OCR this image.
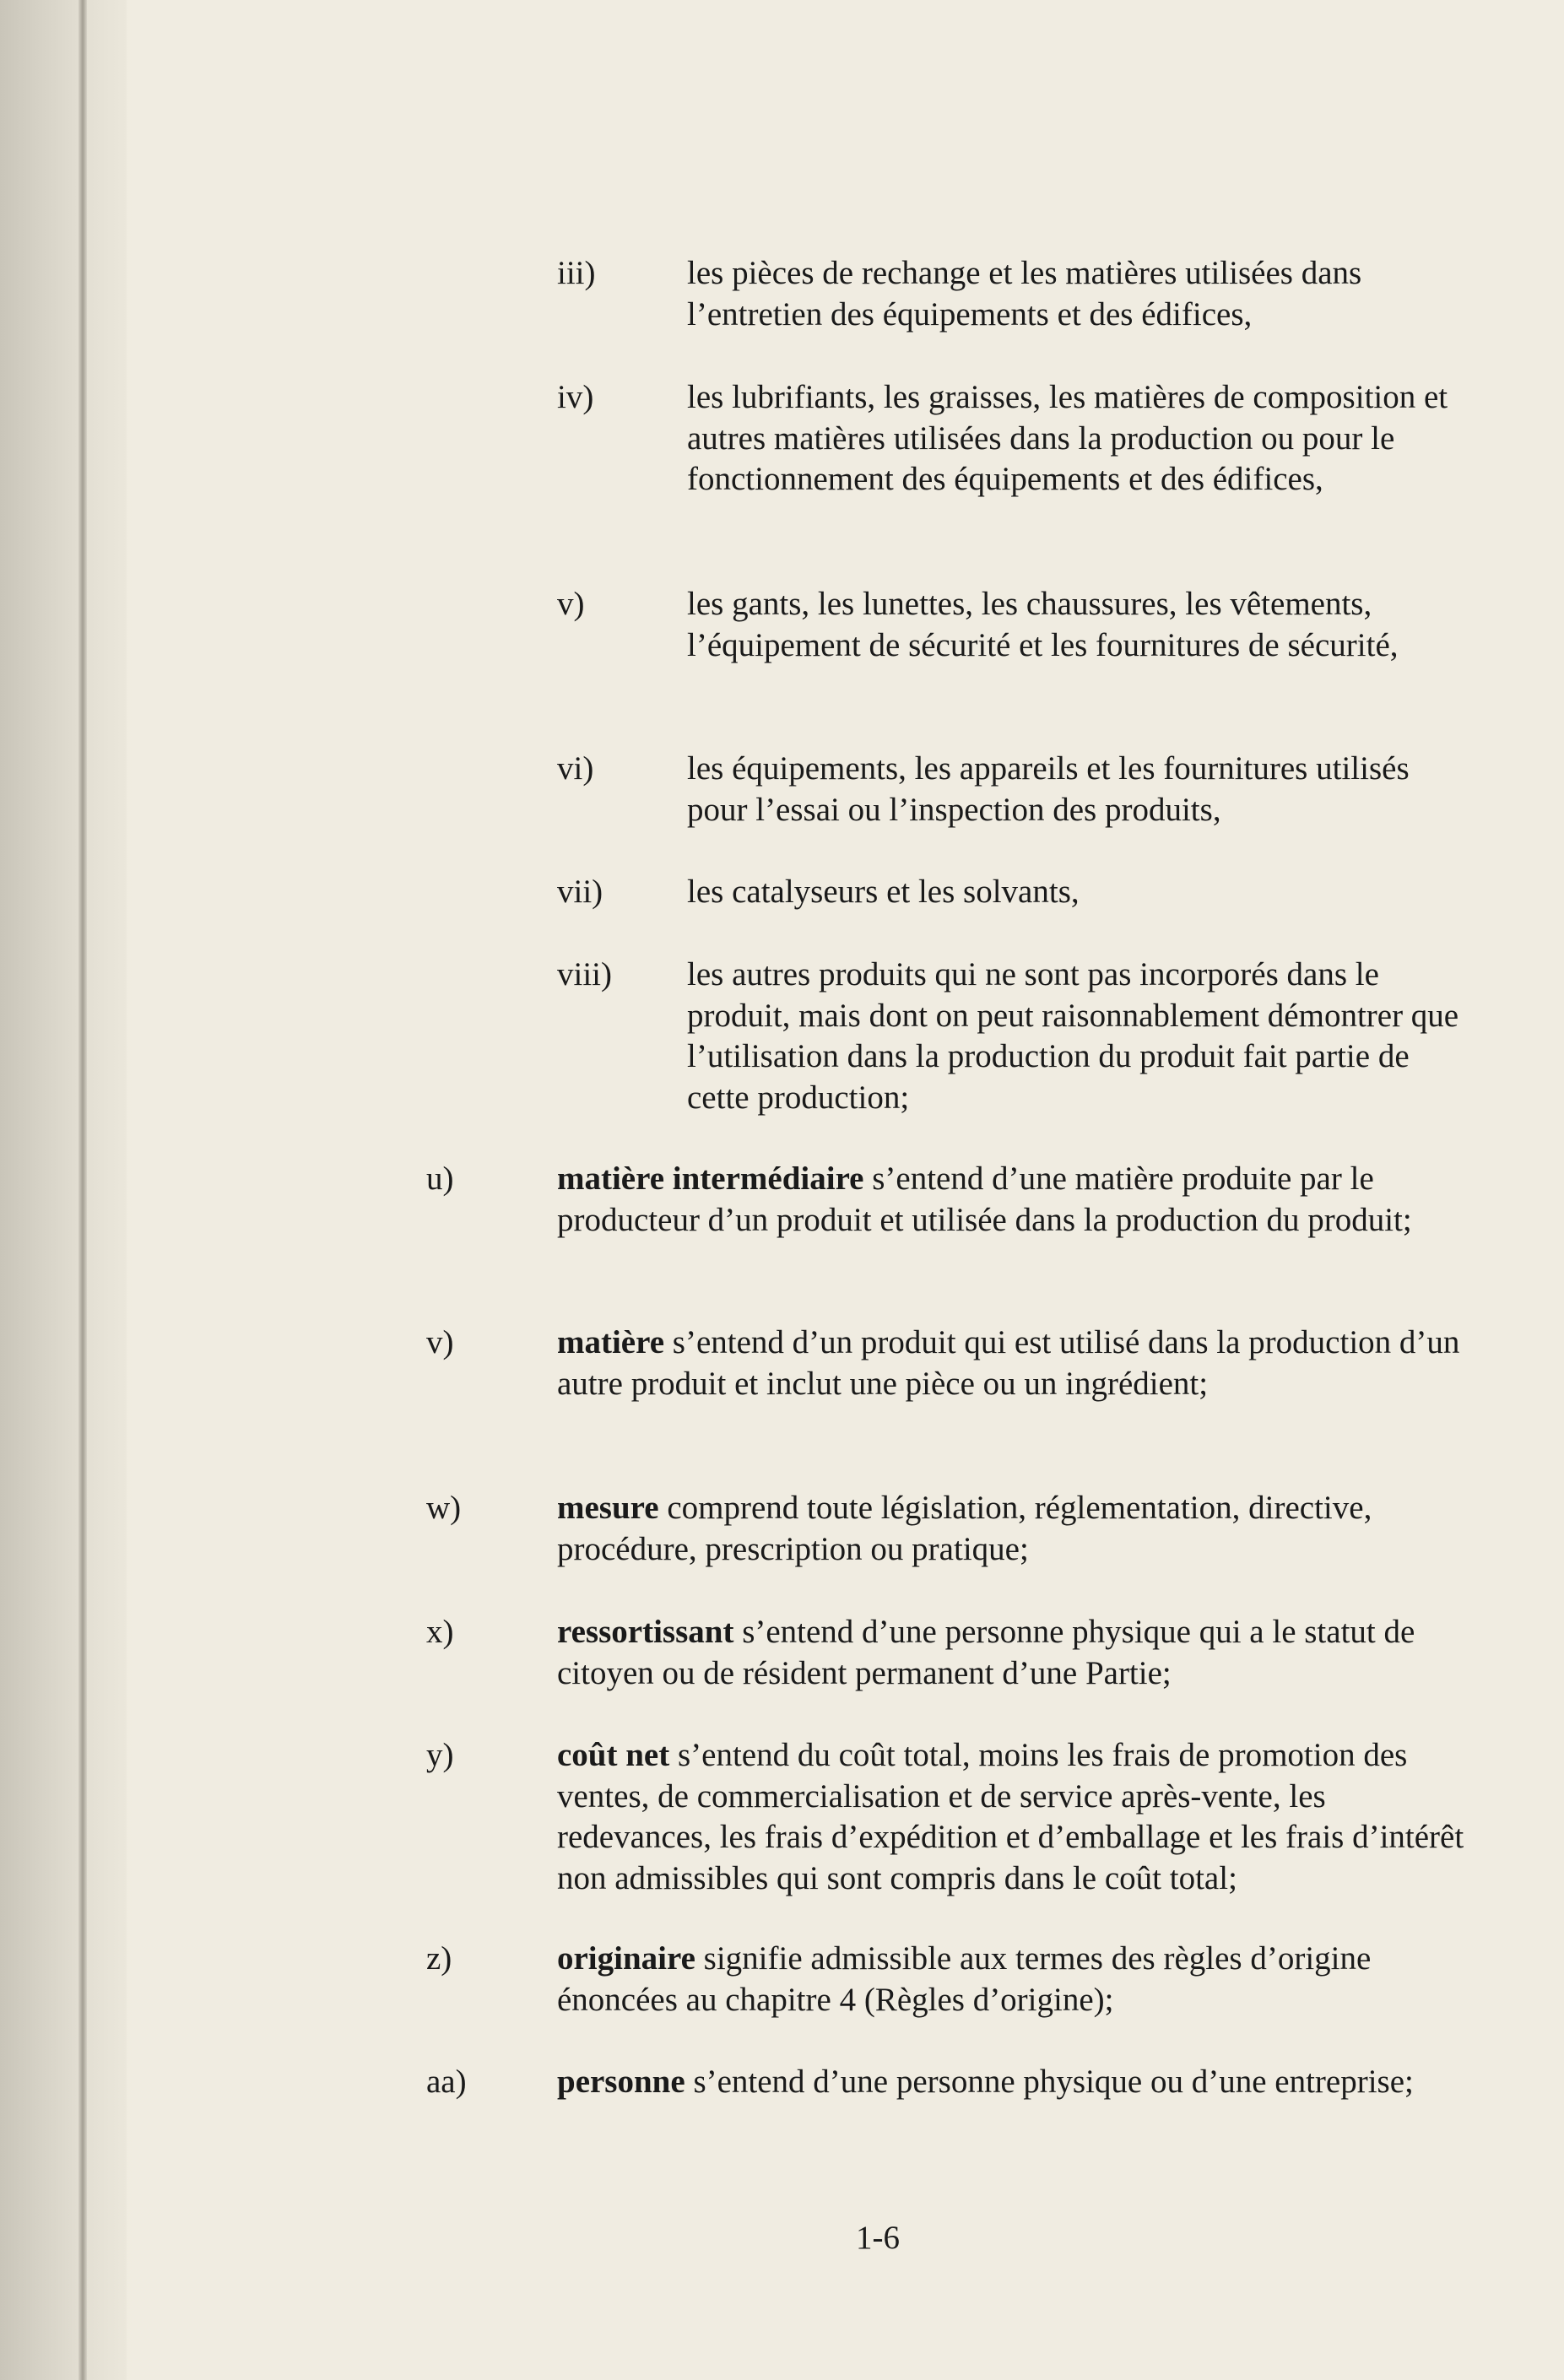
iii)	les pièces de rechange et les matières utilisées dans l’entretien des équipements et des édifices,
iv)	les lubrifiants, les graisses, les matières de composition et autres matières utilisées dans la production ou pour le fonctionnement des équipements et des édifices,
v)	les gants, les lunettes, les chaussures, les vêtements, l’équipement de sécurité et les fournitures de sécurité,
vi)	les équipements, les appareils et les fournitures utilisés pour l’essai ou l’inspection des produits,
vii)	les catalyseurs et les solvants,
viii) les autres produits qui ne sont pas incorporés dans le produit, mais dont on peut raisonnablement démontrer que l’utilisation dans la production du produit fait partie de cette production;
u)	matière intermédiaire s’entend d’une matière produite par le producteur d’un produit et utilisée dans la production du produit;
v)	matière s’entend d’un produit qui est utilisé dans la production d’un autre produit et inclut une pièce ou un ingrédient;
w)	mesure comprend toute législation, réglementation, directive, procédure, prescription ou pratique;
x)	ressortissant s’entend d’une personne physique qui a le statut de citoyen ou de résident permanent d’une Partie;
y)	coût net s’entend du coût total, moins les frais de promotion des ventes, de commercialisation et de service après-vente, les redevances, les frais d’expédition et d’emballage et les frais d’intérêt non admissibles qui sont compris dans le coût total;
z)	originaire signifie admissible aux termes des règles d’origine énoncées au chapitre 4 (Règles d’origine);
aa)	personne s’entend d’une personne physique ou d’une entreprise;
1-6
